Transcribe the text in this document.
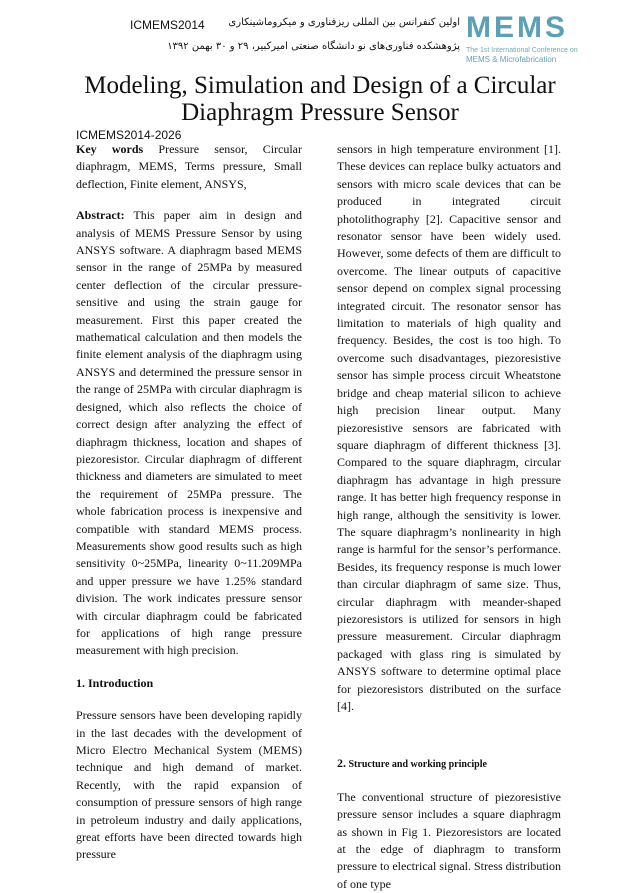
ICMEMS2014 اولین کنفرانس بین المللی ریزفناوری و میکروماشینکاری
پژوهشکده فناوری‌های نو دانشگاه صنعتی امیرکبیر، ۲۹ و ۳۰ بهمن ۱۳۹۲
MEMS
The 1st International Conference on
MEMS & Microfabrication
Modeling, Simulation and Design of a Circular Diaphragm Pressure Sensor
ICMEMS2014-2026

Key words Pressure sensor, Circular diaphragm, MEMS, Terms pressure, Small deflection, Finite element, ANSYS,

Abstract: This paper aim in design and analysis of MEMS Pressure Sensor by using ANSYS software. A diaphragm based MEMS sensor in the range of 25MPa by measured center deflection of the circular pressure-sensitive and using the strain gauge for measurement. First this paper created the mathematical calculation and then models the finite element analysis of the diaphragm using ANSYS and determined the pressure sensor in the range of 25MPa with circular diaphragm is designed, which also reflects the choice of correct design after analyzing the effect of diaphragm thickness, location and shapes of piezoresistor. Circular diaphragm of different thickness and diameters are simulated to meet the requirement of 25MPa pressure. The whole fabrication process is inexpensive and compatible with standard MEMS process. Measurements show good results such as high sensitivity 0~25MPa, linearity 0~11.209MPa and upper pressure we have 1.25% standard division. The work indicates pressure sensor with circular diaphragm could be fabricated for applications of high range pressure measurement with high precision.

1. Introduction

Pressure sensors have been developing rapidly in the last decades with the development of Micro Electro Mechanical System (MEMS) technique and high demand of market. Recently, with the rapid expansion of consumption of pressure sensors of high range in petroleum industry and daily applications, great efforts have been directed towards high pressure

sensors in high temperature environment [1]. These devices can replace bulky actuators and sensors with micro scale devices that can be produced in integrated circuit photolithography [2]. Capacitive sensor and resonator sensor have been widely used. However, some defects of them are difficult to overcome. The linear outputs of capacitive sensor depend on complex signal processing integrated circuit. The resonator sensor has limitation to materials of high quality and frequency. Besides, the cost is too high. To overcome such disadvantages, piezoresistive sensor has simple process circuit Wheatstone bridge and cheap material silicon to achieve high precision linear output. Many piezoresistive sensors are fabricated with square diaphragm of different thickness [3]. Compared to the square diaphragm, circular diaphragm has advantage in high pressure range. It has better high frequency response in high range, although the sensitivity is lower. The square diaphragm’s nonlinearity in high range is harmful for the sensor’s performance. Besides, its frequency response is much lower than circular diaphragm of same size. Thus, circular diaphragm with meander-shaped piezoresistors is utilized for sensors in high pressure measurement. Circular diaphragm packaged with glass ring is simulated by ANSYS software to determine optimal place for piezoresistors distributed on the surface [4].

2. Structure and working principle

The conventional structure of piezoresistive pressure sensor includes a square diaphragm as shown in Fig 1. Piezoresistors are located at the edge of diaphragm to transform pressure to electrical signal. Stress distribution of one type
